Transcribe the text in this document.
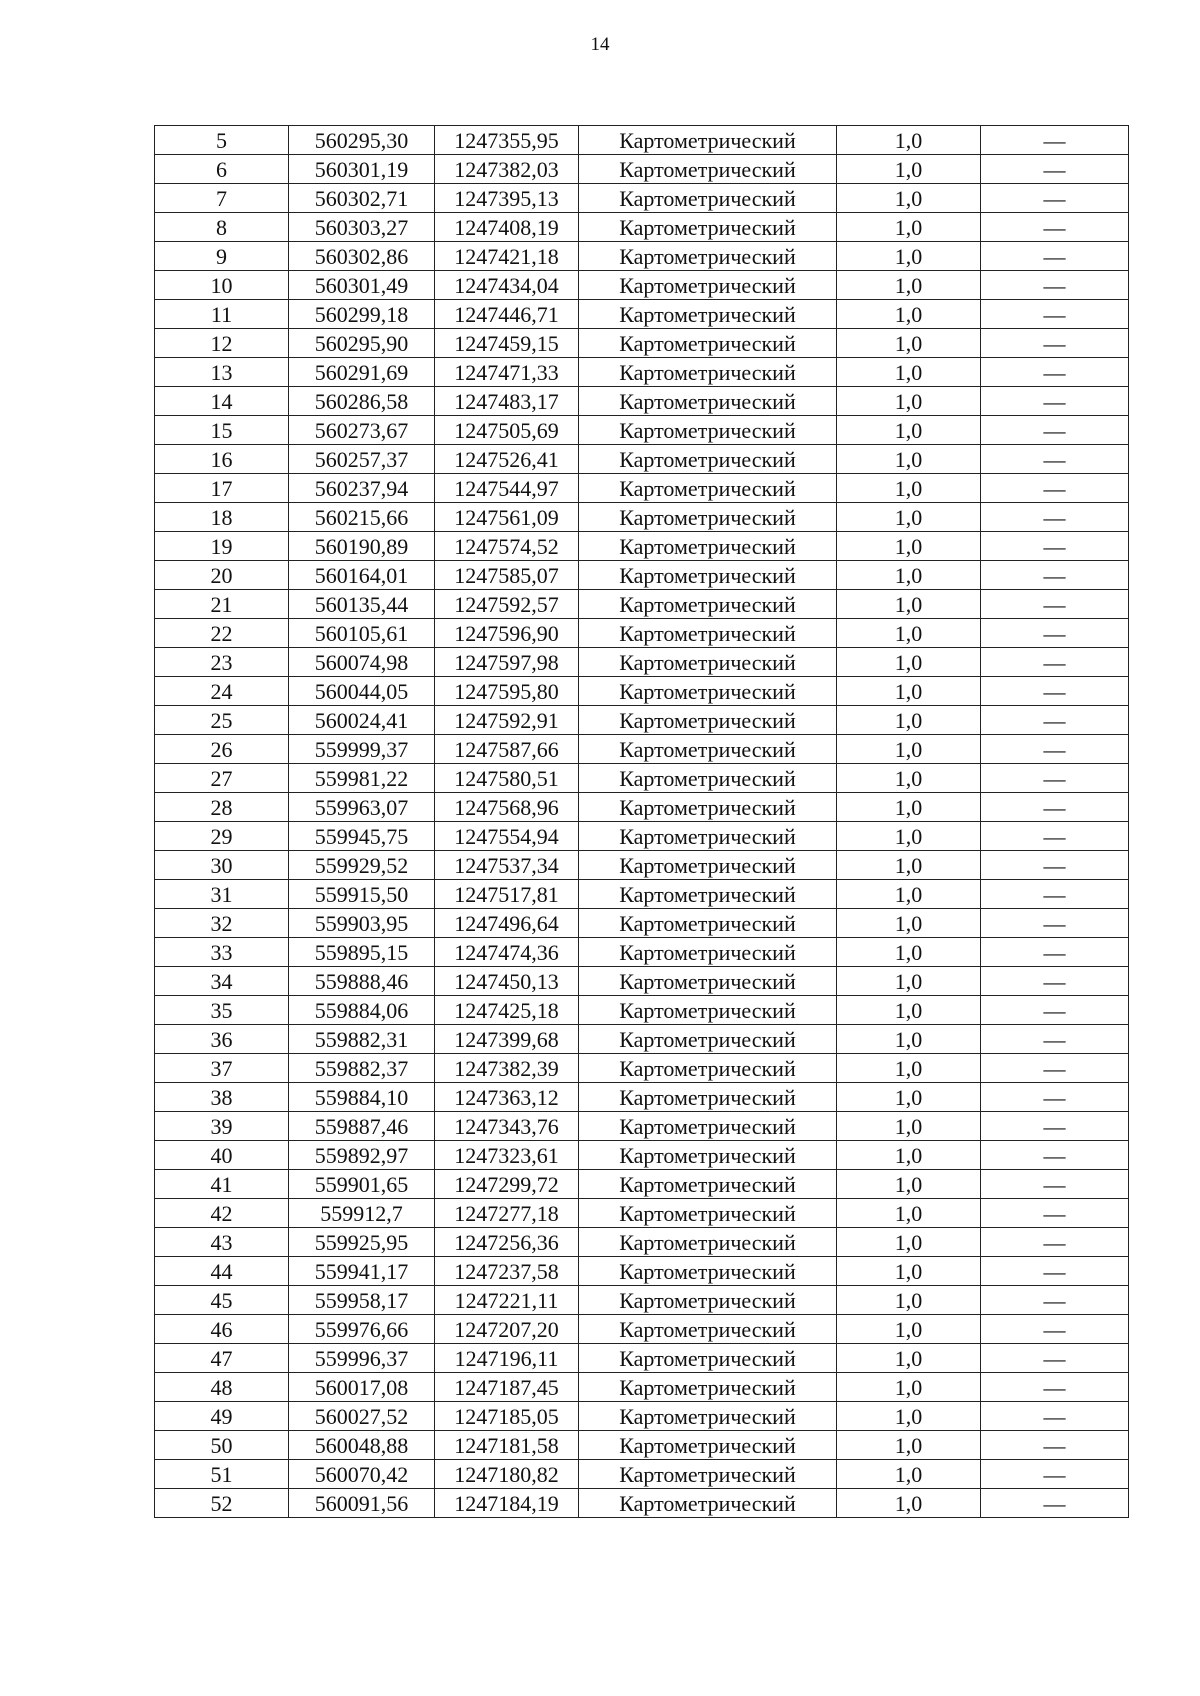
14
5	560295,30	1247355,95	Картометрический	1,0	—
6	560301,19	1247382,03	Картометрический	1,0	—
7	560302,71	1247395,13	Картометрический	1,0	—
8	560303,27	1247408,19	Картометрический	1,0	—
9	560302,86	1247421,18	Картометрический	1,0	—
10	560301,49	1247434,04	Картометрический	1,0	—
11	560299,18	1247446,71	Картометрический	1,0	—
12	560295,90	1247459,15	Картометрический	1,0	—
13	560291,69	1247471,33	Картометрический	1,0	—
14	560286,58	1247483,17	Картометрический	1,0	—
15	560273,67	1247505,69	Картометрический	1,0	—
16	560257,37	1247526,41	Картометрический	1,0	—
17	560237,94	1247544,97	Картометрический	1,0	—
18	560215,66	1247561,09	Картометрический	1,0	—
19	560190,89	1247574,52	Картометрический	1,0	—
20	560164,01	1247585,07	Картометрический	1,0	—
21	560135,44	1247592,57	Картометрический	1,0	—
22	560105,61	1247596,90	Картометрический	1,0	—
23	560074,98	1247597,98	Картометрический	1,0	—
24	560044,05	1247595,80	Картометрический	1,0	—
25	560024,41	1247592,91	Картометрический	1,0	—
26	559999,37	1247587,66	Картометрический	1,0	—
27	559981,22	1247580,51	Картометрический	1,0	—
28	559963,07	1247568,96	Картометрический	1,0	—
29	559945,75	1247554,94	Картометрический	1,0	—
30	559929,52	1247537,34	Картометрический	1,0	—
31	559915,50	1247517,81	Картометрический	1,0	—
32	559903,95	1247496,64	Картометрический	1,0	—
33	559895,15	1247474,36	Картометрический	1,0	—
34	559888,46	1247450,13	Картометрический	1,0	—
35	559884,06	1247425,18	Картометрический	1,0	—
36	559882,31	1247399,68	Картометрический	1,0	—
37	559882,37	1247382,39	Картометрический	1,0	—
38	559884,10	1247363,12	Картометрический	1,0	—
39	559887,46	1247343,76	Картометрический	1,0	—
40	559892,97	1247323,61	Картометрический	1,0	—
41	559901,65	1247299,72	Картометрический	1,0	—
42	559912,7	1247277,18	Картометрический	1,0	—
43	559925,95	1247256,36	Картометрический	1,0	—
44	559941,17	1247237,58	Картометрический	1,0	—
45	559958,17	1247221,11	Картометрический	1,0	—
46	559976,66	1247207,20	Картометрический	1,0	—
47	559996,37	1247196,11	Картометрический	1,0	—
48	560017,08	1247187,45	Картометрический	1,0	—
49	560027,52	1247185,05	Картометрический	1,0	—
50	560048,88	1247181,58	Картометрический	1,0	—
51	560070,42	1247180,82	Картометрический	1,0	—
52	560091,56	1247184,19	Картометрический	1,0	—
